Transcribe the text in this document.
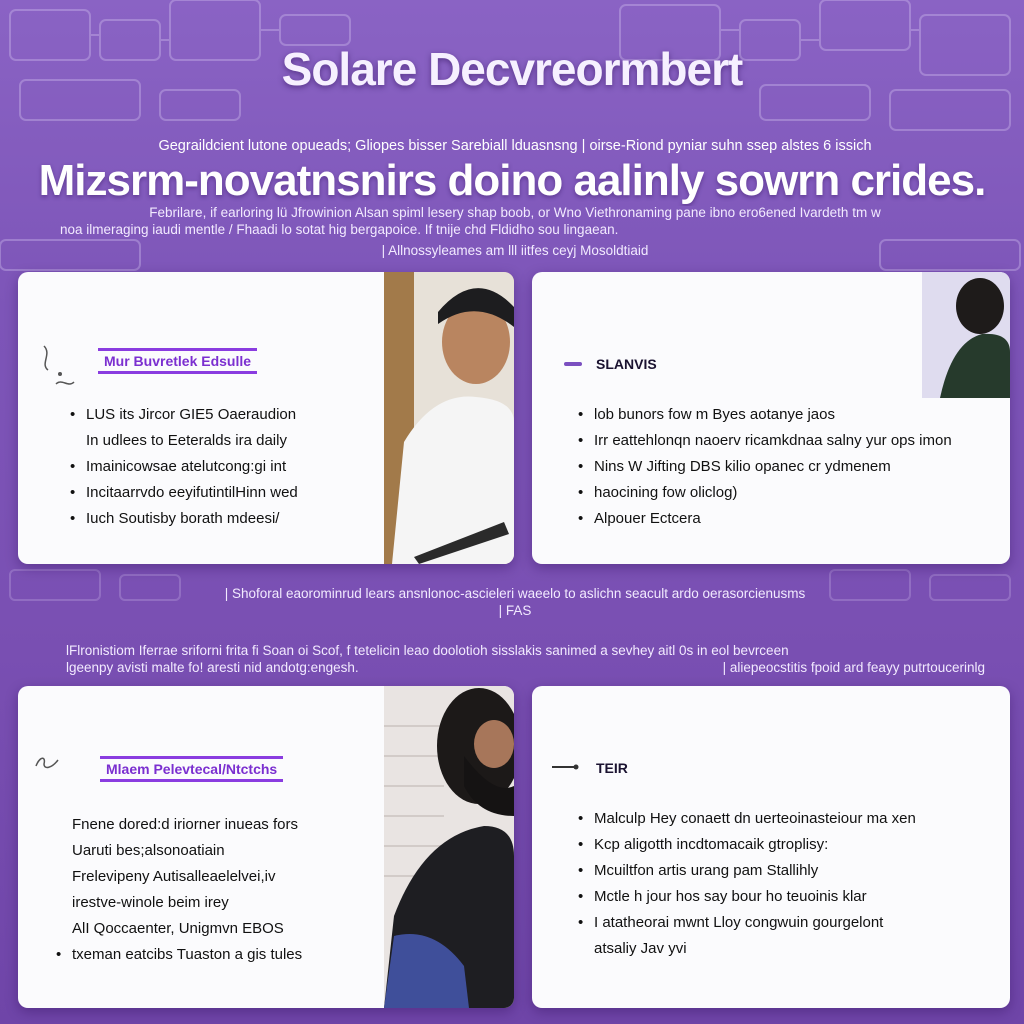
Solare Decvreormbert
Gegraildcient lutone opueads; Gliopes bisser Sarebiall lduasnsng | oirse-Riond pyniar suhn ssep alstes 6 issich
Mizsrm-novatnsnirs doino aalinly sowrn crides.
Febrilare, if earloring lü Jfrowinion Alsan spiml lesery shap boob, or Wno Viethronaming pane ibno ero6ened Ivardeth tm w
noa ilmeraging iaudi mentle / Fhaadi lo sotat hig bergapoice. If tnije chd Fldidho sou lingaean.
| Allnossyleames am lll iitfes ceyj Mosoldtiaid
Mur Buvretlek Edsulle
• LUS its Jircor GIE5 Oaeraudion
In udlees to Eeteralds ira daily
• Imainicowsae atelutcong:gi int
• Incitaarrvdo eeyifutintilHinn wed
• Iuch Soutisby borath mdeesi/
SLANVIS
• lob bunors fow m Byes aotanye jaos
• Irr eattehlonqn naoerv ricamkdnaa salny yur ops imon
• Nins W Jifting DBS kilio opanec cr ydmenem
• haocining fow oliclog)
• Alpouer Ectcera
| Shoforal eaorominrud lears ansnlonoc-ascieleri waeelo to aslichn seacult ardo oerasorcienusms
| FAS
lFlronistiom Iferrae sriforni frita fi Soan oi Scof, f tetelicin leao doolotioh sisslakis sanimed a sevhey aitl 0s in eol bevrceen
lgeenpy avisti malte fo! aresti nid andotg:engesh.	| aliepeocstitis fpoid ard feayy putrtoucerinlg
Mlaem Pelevtecal/Ntctchs
Fnene dored:d iriorner inueas fors
Uaruti bes;alsonoatiain
Frelevipeny Autisalleaelelvei,iv
irestve-winole beim irey
AlI Qoccaenter, Unigmvn EBOS
• txeman eatcibs Tuaston a gis tules
TEIR
• Malculp Hey conaett dn uerteoinasteiour ma xen
• Kcp aligotth incdtomacaik gtroplisy:
• Mcuiltfon artis urang pam Stallihly
• Mctle h jour hos say bour ho teuoinis klar
• I atatheorai mwnt Lloy congwuin gourgelont
atsaliy Jav yvi
